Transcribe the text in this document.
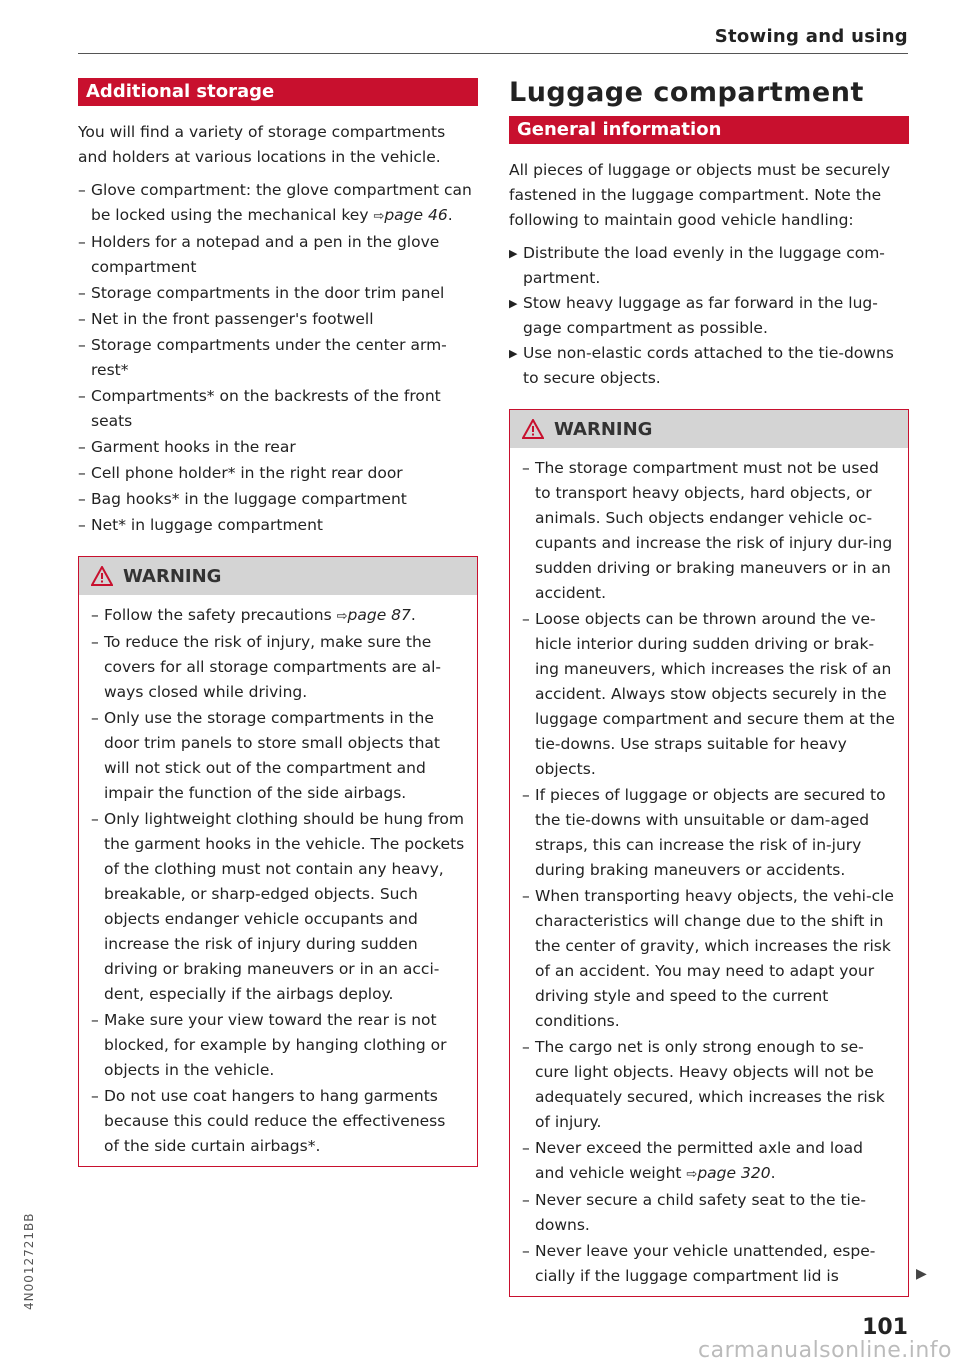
Stowing and using
Additional storage

You will find a variety of storage compartments and holders at various locations in the vehicle.

– Glove compartment: the glove compartment can be locked using the mechanical key ⇨page 46.
– Holders for a notepad and a pen in the glove compartment
– Storage compartments in the door trim panel
– Net in the front passenger's footwell
– Storage compartments under the center arm-rest*
– Compartments* on the backrests of the front seats
– Garment hooks in the rear
– Cell phone holder* in the right rear door
– Bag hooks* in the luggage compartment
– Net* in luggage compartment
WARNING
– Follow the safety precautions ⇨page 87.
– To reduce the risk of injury, make sure the covers for all storage compartments are al-ways closed while driving.
– Only use the storage compartments in the door trim panels to store small objects that will not stick out of the compartment and impair the function of the side airbags.
– Only lightweight clothing should be hung from the garment hooks in the vehicle. The pockets of the clothing must not contain any heavy, breakable, or sharp-edged objects. Such objects endanger vehicle occupants and increase the risk of injury during sudden driving or braking maneuvers or in an acci-dent, especially if the airbags deploy.
– Make sure your view toward the rear is not blocked, for example by hanging clothing or objects in the vehicle.
– Do not use coat hangers to hang garments because this could reduce the effectiveness of the side curtain airbags*.
Luggage compartment
General information

All pieces of luggage or objects must be securely fastened in the luggage compartment. Note the following to maintain good vehicle handling:

▶ Distribute the load evenly in the luggage com-partment.
▶ Stow heavy luggage as far forward in the lug-gage compartment as possible.
▶ Use non-elastic cords attached to the tie-downs to secure objects.
WARNING
– The storage compartment must not be used to transport heavy objects, hard objects, or animals. Such objects endanger vehicle oc-cupants and increase the risk of injury dur-ing sudden driving or braking maneuvers or in an accident.
– Loose objects can be thrown around the ve-hicle interior during sudden driving or brak-ing maneuvers, which increases the risk of an accident. Always stow objects securely in the luggage compartment and secure them at the tie-downs. Use straps suitable for heavy objects.
– If pieces of luggage or objects are secured to the tie-downs with unsuitable or dam-aged straps, this can increase the risk of in-jury during braking maneuvers or accidents.
– When transporting heavy objects, the vehi-cle characteristics will change due to the shift in the center of gravity, which increases the risk of an accident. You may need to adapt your driving style and speed to the current conditions.
– The cargo net is only strong enough to se-cure light objects. Heavy objects will not be adequately secured, which increases the risk of injury.
– Never exceed the permitted axle and load and vehicle weight ⇨page 320.
– Never secure a child safety seat to the tie-downs.
– Never leave your vehicle unattended, espe-cially if the luggage compartment lid is	▶
4N0012721BB
101
carmanualsonline.info
